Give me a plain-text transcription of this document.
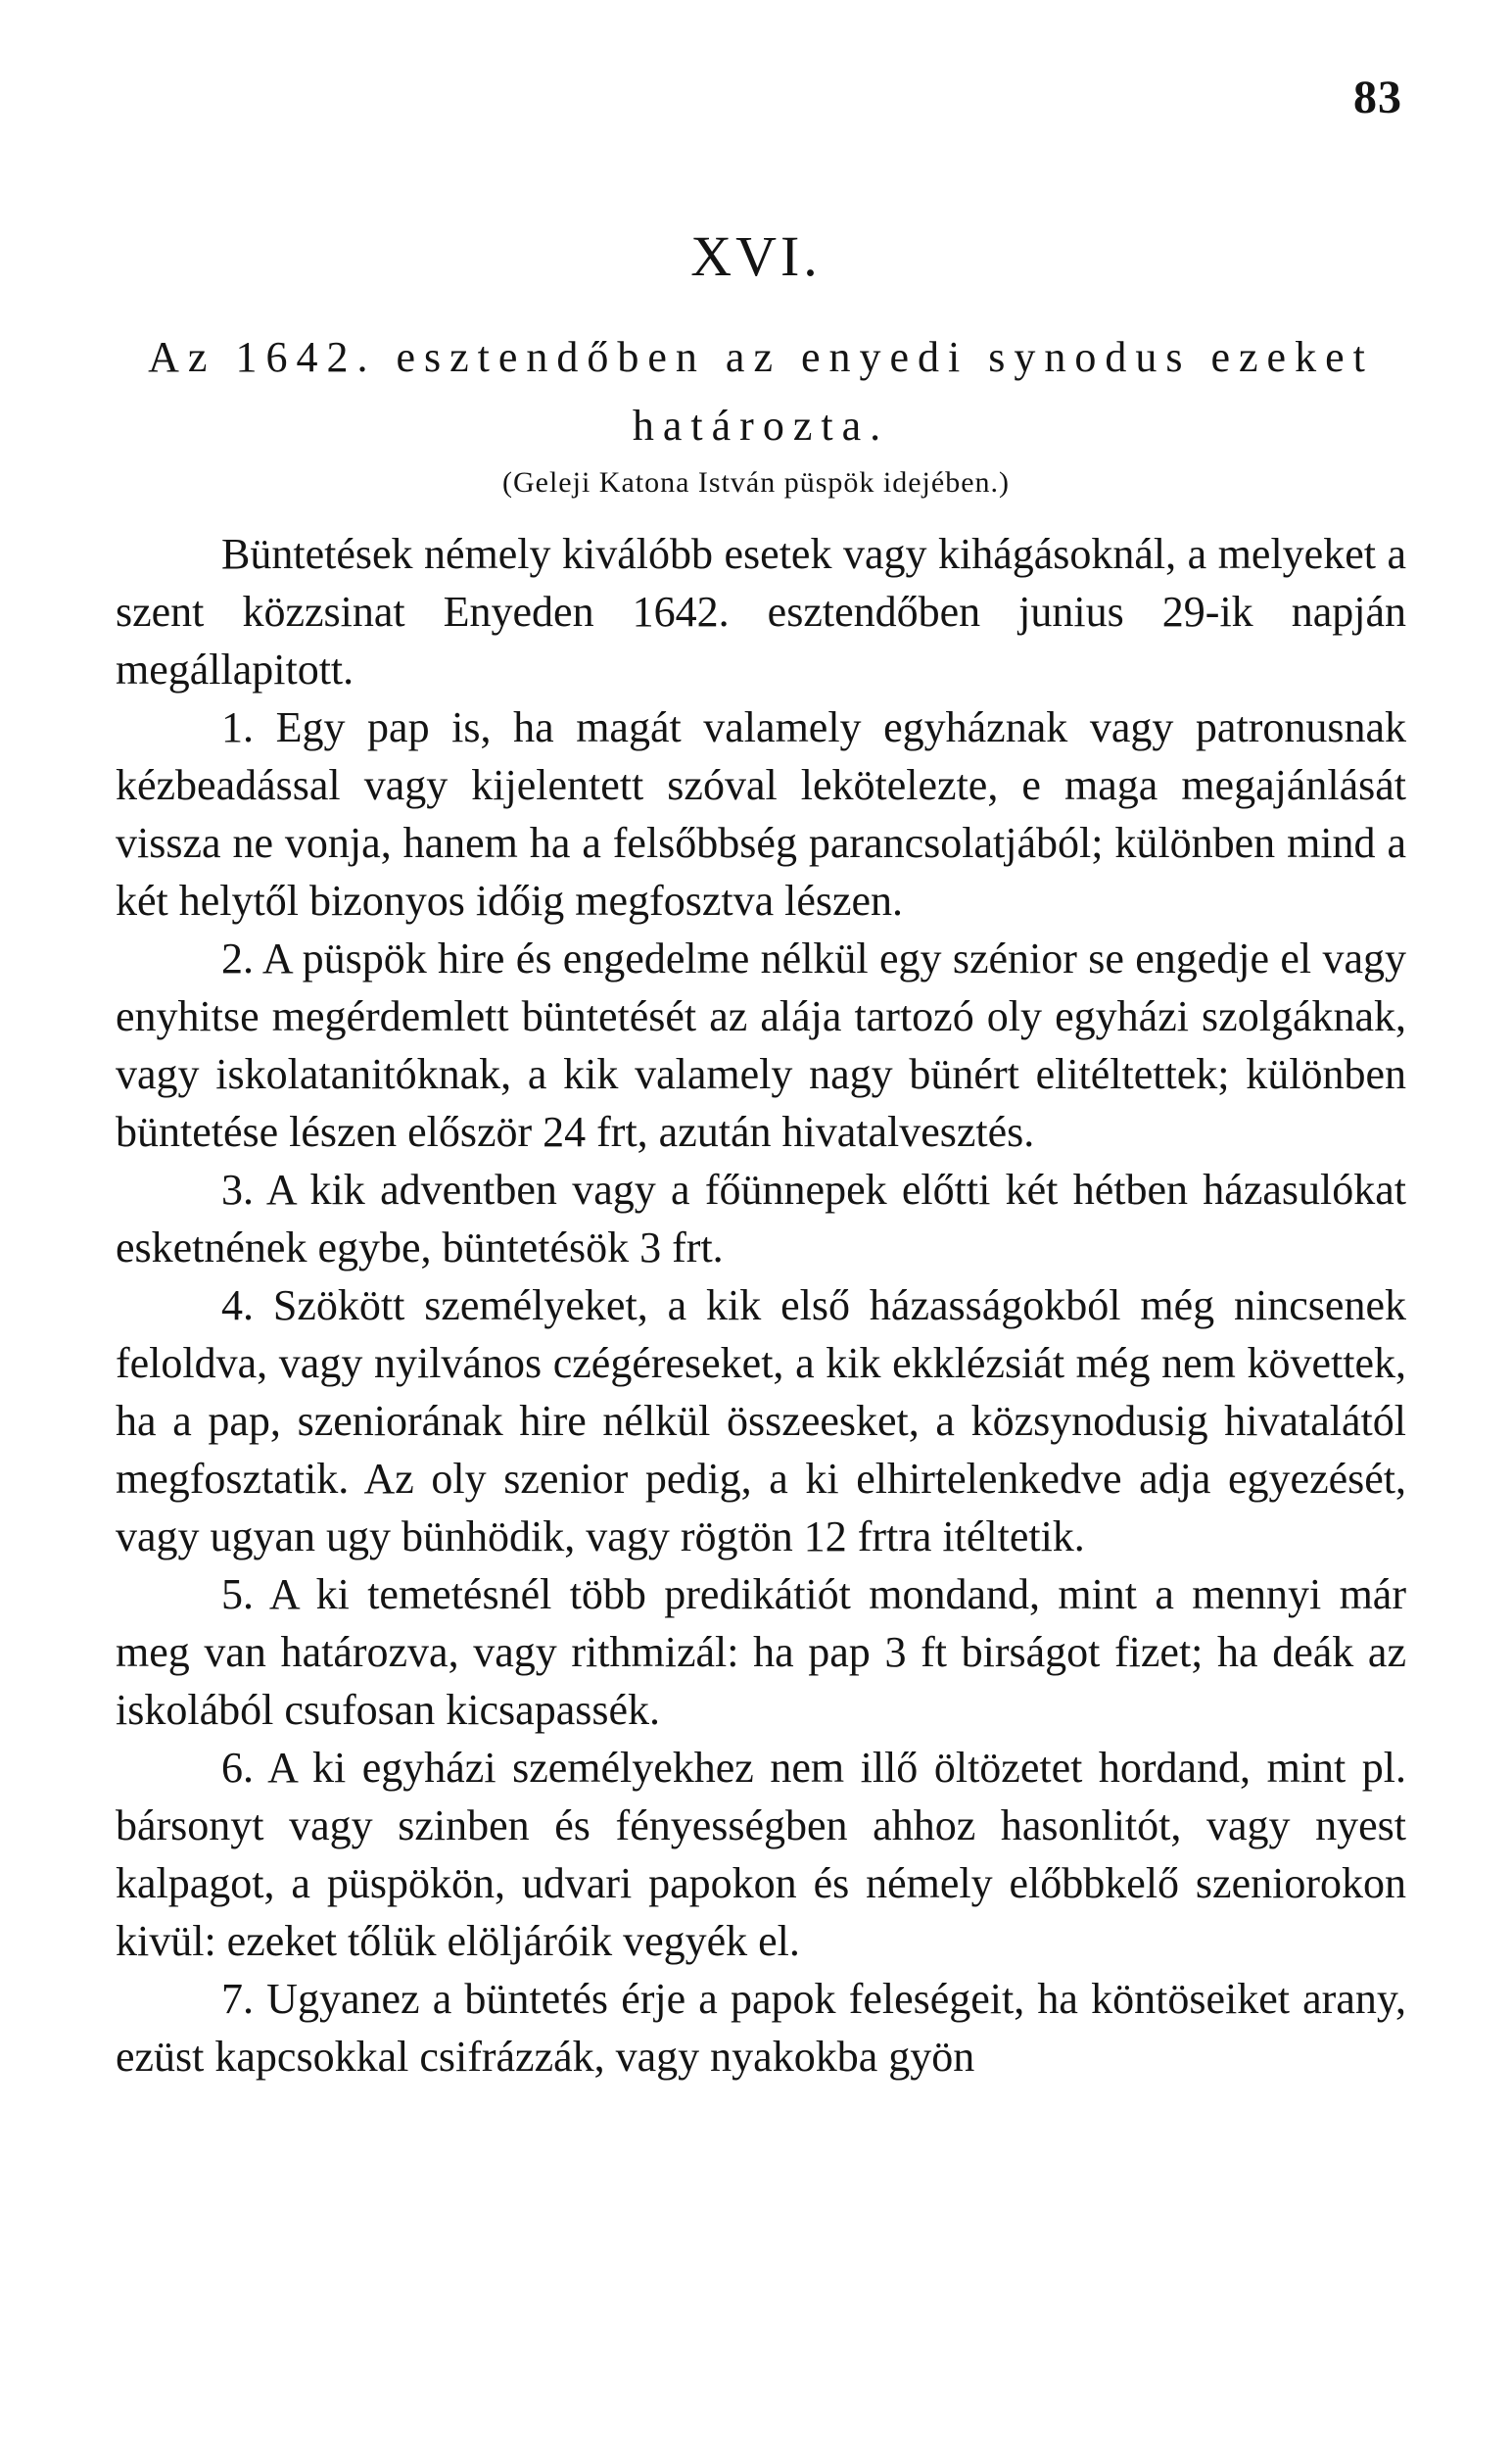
83
XVI.
Az 1642. esztendőben az enyedi synodus ezeket határozta.
(Geleji Katona István püspök idejében.)

Büntetések némely kiválóbb esetek vagy kihágásoknál, a melyeket a szent közzsinat Enyeden 1642. esztendőben junius 29-ik napján megállapitott.

1. Egy pap is, ha magát valamely egyháznak vagy patronusnak kézbeadással vagy kijelentett szóval lekötelezte, e maga megajánlását vissza ne vonja, hanem ha a felsőbbség parancsolatjából; különben mind a két helytől bizonyos időig megfosztva lészen.

2. A püspök hire és engedelme nélkül egy szénior se engedje el vagy enyhitse megérdemlett büntetését az alája tartozó oly egyházi szolgáknak, vagy iskolatanitóknak, a kik valamely nagy bünért elitéltettek; különben büntetése lészen először 24 frt, azután hivatalvesztés.

3. A kik adventben vagy a főünnepek előtti két hétben házasulókat esketnének egybe, büntetésök 3 frt.

4. Szökött személyeket, a kik első házasságokból még nincsenek feloldva, vagy nyilvános czégéreseket, a kik ekklézsiát még nem követtek, ha a pap, szeniorának hire nélkül összeesket, a közsynodusig hivatalától megfosztatik. Az oly szenior pedig, a ki elhirtelenkedve adja egyezését, vagy ugyan ugy bünhödik, vagy rögtön 12 frtra itéltetik.

5. A ki temetésnél több predikátiót mondand, mint a mennyi már meg van határozva, vagy rithmizál: ha pap 3 ft birságot fizet; ha deák az iskolából csufosan kicsapassék.

6. A ki egyházi személyekhez nem illő öltözetet hordand, mint pl. bársonyt vagy szinben és fényességben ahhoz hasonlitót, vagy nyest kalpagot, a püspökön, udvari papokon és némely előbbkelő szeniorokon kivül: ezeket tőlük elöljáróik vegyék el.

7. Ugyanez a büntetés érje a papok feleségeit, ha köntöseiket arany, ezüst kapcsokkal csifrázzák, vagy nyakokba gyön
